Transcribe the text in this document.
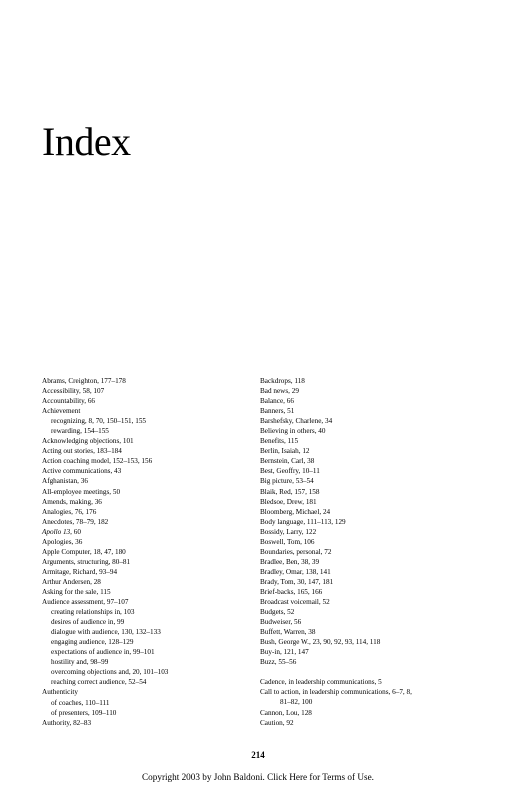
Index
Abrams, Creighton, 177–178
Accessibility, 58, 107
Accountability, 66
Achievement
recognizing, 8, 70, 150–151, 155
rewarding, 154–155
Acknowledging objections, 101
Acting out stories, 183–184
Action coaching model, 152–153, 156
Active communications, 43
Afghanistan, 36
All-employee meetings, 50
Amends, making, 36
Analogies, 76, 176
Anecdotes, 78–79, 182
Apollo 13, 60
Apologies, 36
Apple Computer, 18, 47, 180
Arguments, structuring, 80–81
Armitage, Richard, 93–94
Arthur Andersen, 28
Asking for the sale, 115
Audience assessment, 97–107
creating relationships in, 103
desires of audience in, 99
dialogue with audience, 130, 132–133
engaging audience, 128–129
expectations of audience in, 99–101
hostility and, 98–99
overcoming objections and, 20, 101–103
reaching correct audience, 52–54
Authenticity
of coaches, 110–111
of presenters, 109–110
Authority, 82–83
Backdrops, 118
Bad news, 29
Balance, 66
Banners, 51
Barshefsky, Charlene, 34
Believing in others, 40
Benefits, 115
Berlin, Isaiah, 12
Bernstein, Carl, 38
Best, Geoffry, 10–11
Big picture, 53–54
Blaik, Red, 157, 158
Bledsoe, Drew, 181
Bloomberg, Michael, 24
Body language, 111–113, 129
Bossidy, Larry, 122
Boswell, Tom, 106
Boundaries, personal, 72
Bradlee, Ben, 38, 39
Bradley, Omar, 138, 141
Brady, Tom, 30, 147, 181
Brief-backs, 165, 166
Broadcast voicemail, 52
Budgets, 52
Budweiser, 56
Buffett, Warren, 38
Bush, George W., 23, 90, 92, 93, 114, 118
Buy-in, 121, 147
Buzz, 55–56
Cadence, in leadership communications, 5
Call to action, in leadership communications, 6–7, 8,
81–82, 100
Cannon, Lou, 128
Caution, 92
214
Copyright 2003 by John Baldoni. Click Here for Terms of Use.
